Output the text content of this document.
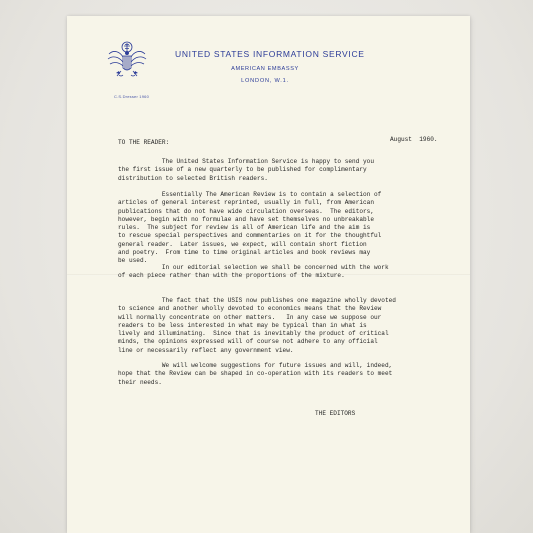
C.S.Dresser 1960
UNITED STATES INFORMATION SERVICE
AMERICAN EMBASSY
LONDON, W.1.
TO THE READER:	August  1960.
The United States Information Service is happy to send you
the first issue of a new quarterly to be published for complimentary
distribution to selected British readers.
Essentially The American Review is to contain a selection of
articles of general interest reprinted, usually in full, from American
publications that do not have wide circulation overseas.  The editors,
however, begin with no formulae and have set themselves no unbreakable
rules.  The subject for review is all of American life and the aim is
to rescue special perspectives and commentaries on it for the thoughtful
general reader.  Later issues, we expect, will contain short fiction
and poetry.  From time to time original articles and book reviews may
be used.
In our editorial selection we shall be concerned with the work
of each piece rather than with the proportions of the mixture.
The fact that the USIS now publishes one magazine wholly devoted
to science and another wholly devoted to economics means that the Review
will normally concentrate on other matters.   In any case we suppose our
readers to be less interested in what may be typical than in what is
lively and illuminating.  Since that is inevitably the product of critical
minds, the opinions expressed will of course not adhere to any official
line or necessarily reflect any government view.
We will welcome suggestions for future issues and will, indeed,
hope that the Review can be shaped in co-operation with its readers to meet
their needs.
THE EDITORS
